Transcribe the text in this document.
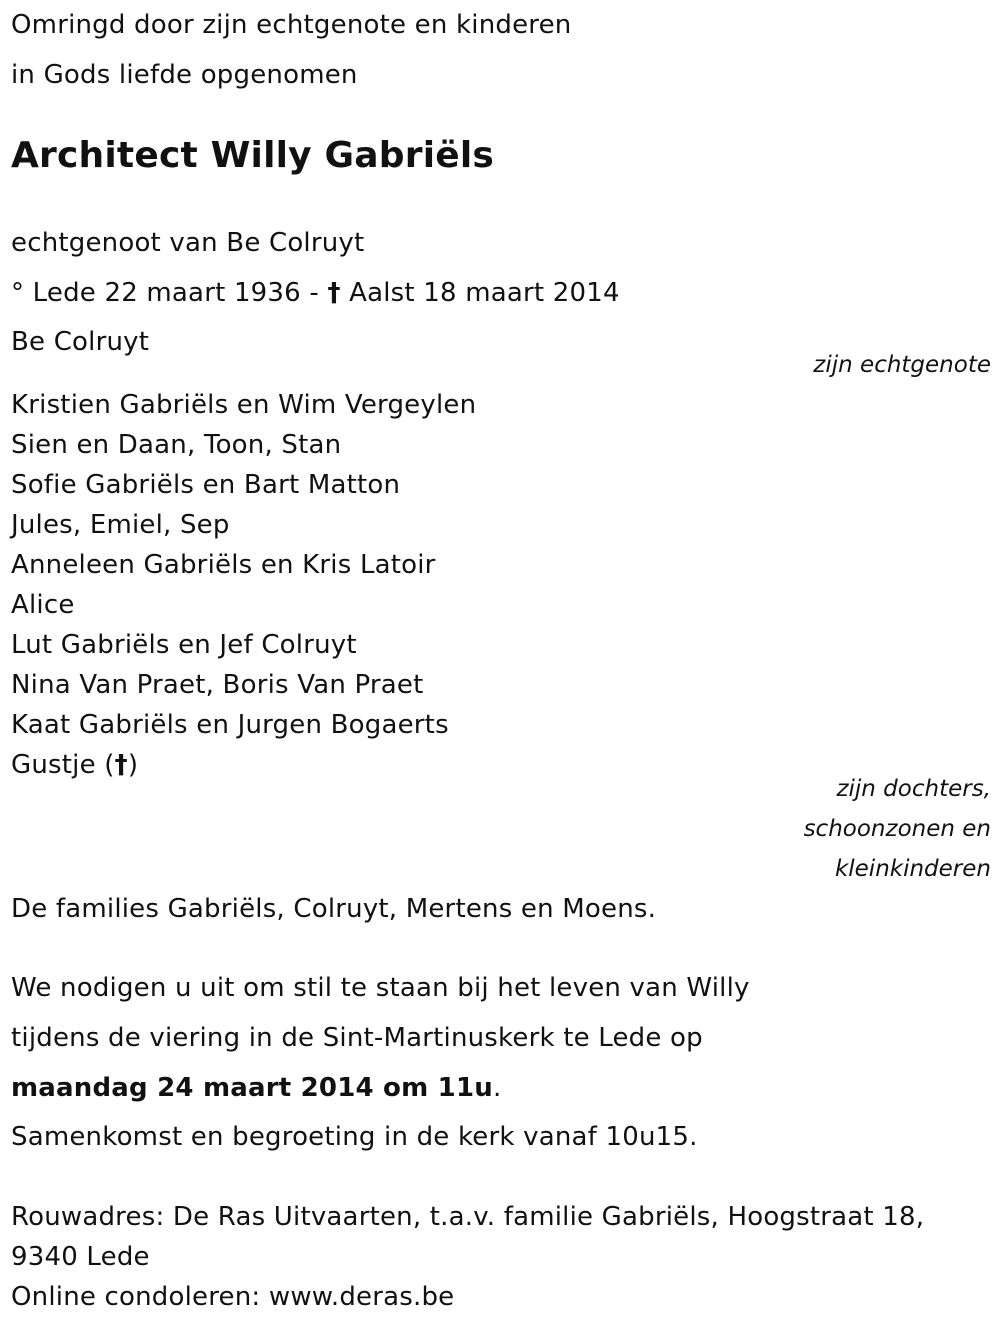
Omringd door zijn echtgenote en kinderen
in Gods liefde opgenomen
Architect Willy Gabriëls
echtgenoot van Be Colruyt
° Lede 22 maart 1936 - † Aalst 18 maart 2014
Be Colruyt
zijn echtgenote
Kristien Gabriëls en Wim Vergeylen
Sien en Daan, Toon, Stan
Sofie Gabriëls en Bart Matton
Jules, Emiel, Sep
Anneleen Gabriëls en Kris Latoir
Alice
Lut Gabriëls en Jef Colruyt
Nina Van Praet, Boris Van Praet
Kaat Gabriëls en Jurgen Bogaerts
Gustje (†)
zijn dochters,
schoonzonen en
kleinkinderen
De families Gabriëls, Colruyt, Mertens en Moens.
We nodigen u uit om stil te staan bij het leven van Willy
tijdens de viering in de Sint-Martinuskerk te Lede op
maandag 24 maart 2014 om 11u.
Samenkomst en begroeting in de kerk vanaf 10u15.
Rouwadres: De Ras Uitvaarten, t.a.v. familie Gabriëls, Hoogstraat 18,
9340 Lede
Online condoleren: www.deras.be
